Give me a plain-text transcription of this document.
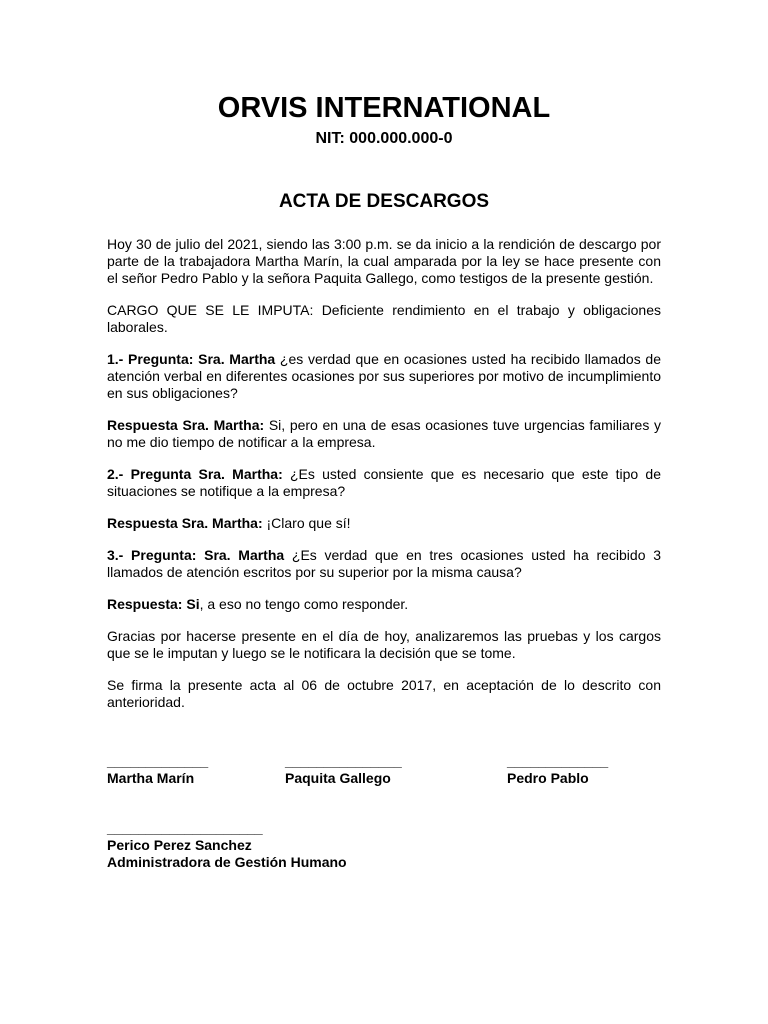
ORVIS INTERNATIONAL
NIT: 000.000.000-0
ACTA DE DESCARGOS

Hoy 30 de julio del 2021, siendo las 3:00 p.m. se da inicio a la rendición de descargo por parte de la trabajadora Martha Marín, la cual amparada por la ley se hace presente con el señor Pedro Pablo y la señora Paquita Gallego, como testigos de la presente gestión.

CARGO QUE SE LE IMPUTA: Deficiente rendimiento en el trabajo y obligaciones laborales.

1.- Pregunta: Sra. Martha ¿es verdad que en ocasiones usted ha recibido llamados de atención verbal en diferentes ocasiones por sus superiores por motivo de incumplimiento en sus obligaciones?

Respuesta Sra. Martha: Si, pero en una de esas ocasiones tuve urgencias familiares y no me dio tiempo de notificar a la empresa.

2.- Pregunta Sra. Martha: ¿Es usted consiente que es necesario que este tipo de situaciones se notifique a la empresa?

Respuesta Sra. Martha: ¡Claro que sí!

3.- Pregunta: Sra. Martha ¿Es verdad que en tres ocasiones usted ha recibido 3 llamados de atención escritos por su superior por la misma causa?

Respuesta: Si, a eso no tengo como responder.

Gracias por hacerse presente en el día de hoy, analizaremos las pruebas y los cargos que se le imputan y luego se le notificara la decisión que se tome.

Se firma la presente acta al 06 de octubre 2017, en aceptación de lo descrito con anterioridad.

_____________
Martha Marín
_______________
Paquita Gallego
_____________
Pedro Pablo
____________________
Perico Perez Sanchez
Administradora de Gestión Humano
